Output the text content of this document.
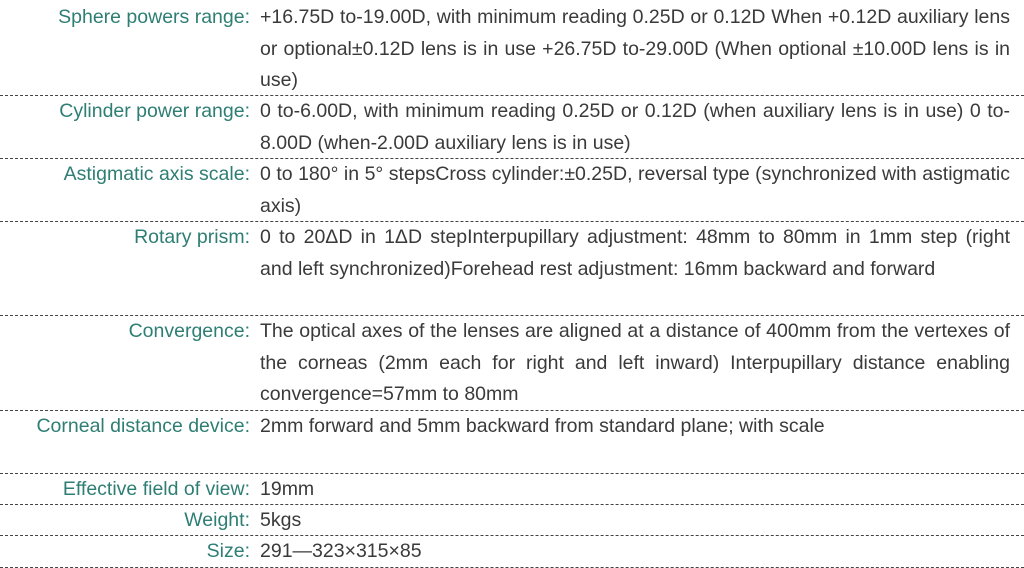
Sphere powers range: +16.75D to-19.00D, with minimum reading 0.25D or 0.12D When +0.12D auxiliary lens or optional±0.12D lens is in use +26.75D to-29.00D (When optional ±10.00D lens is in use)
Cylinder power range: 0 to-6.00D, with minimum reading 0.25D or 0.12D (when auxiliary lens is in use) 0 to-8.00D (when-2.00D auxiliary lens is in use)
Astigmatic axis scale: 0 to 180° in 5° stepsCross cylinder:±0.25D, reversal type (synchronized with astigmatic axis)
Rotary prism: 0 to 20ΔD in 1ΔD stepInterpupillary adjustment: 48mm to 80mm in 1mm step (right and left synchronized)Forehead rest adjustment: 16mm backward and forward
Convergence: The optical axes of the lenses are aligned at a distance of 400mm from the vertexes of the corneas (2mm each for right and left inward) Interpupillary distance enabling convergence=57mm to 80mm
Corneal distance device: 2mm forward and 5mm backward from standard plane; with scale
Effective field of view: 19mm
Weight: 5kgs
Size: 291—323×315×85
